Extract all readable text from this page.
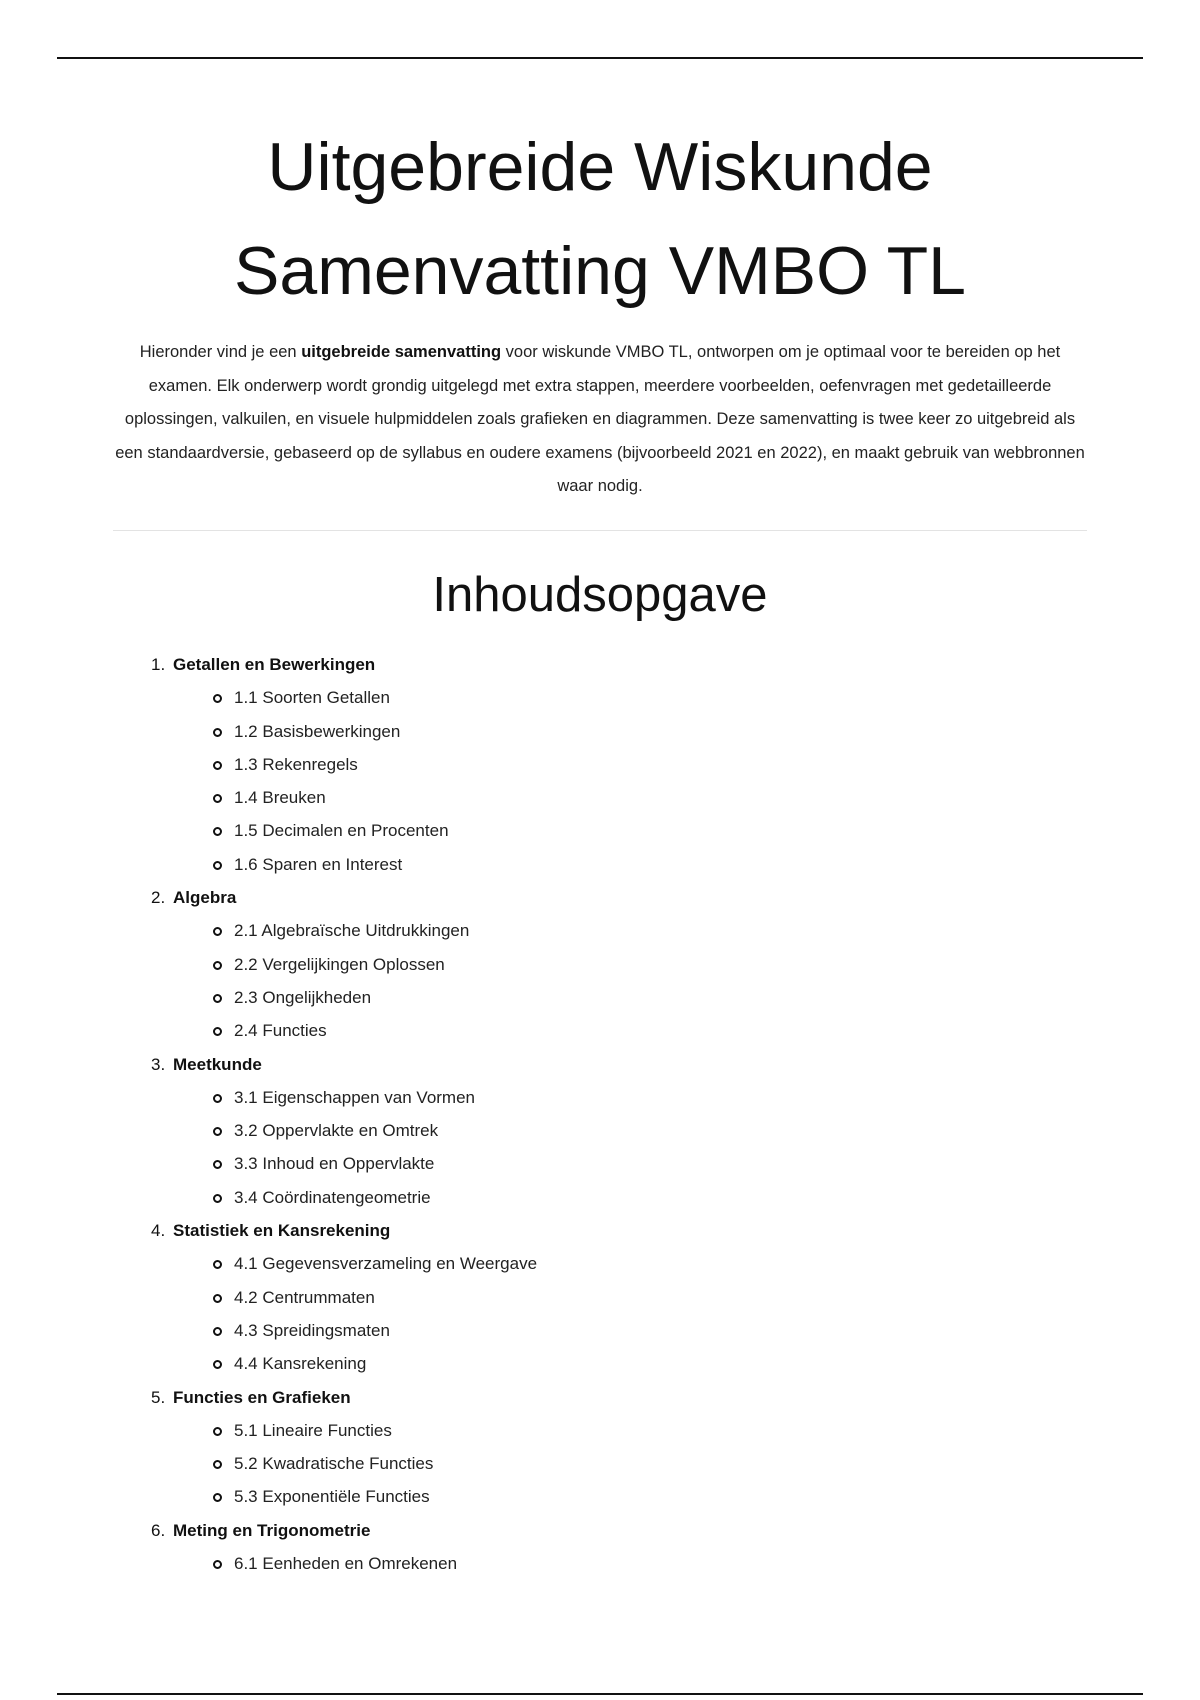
Uitgebreide Wiskunde
Samenvatting VMBO TL

Hieronder vind je een uitgebreide samenvatting voor wiskunde VMBO TL, ontworpen om je optimaal voor te bereiden op het examen. Elk onderwerp wordt grondig uitgelegd met extra stappen, meerdere voorbeelden, oefenvragen met gedetailleerde oplossingen, valkuilen, en visuele hulpmiddelen zoals grafieken en diagrammen. Deze samenvatting is twee keer zo uitgebreid als een standaardversie, gebaseerd op de syllabus en oudere examens (bijvoorbeeld 2021 en 2022), en maakt gebruik van webbronnen waar nodig.

Inhoudsopgave
1. Getallen en Bewerkingen
1.1 Soorten Getallen
1.2 Basisbewerkingen
1.3 Rekenregels
1.4 Breuken
1.5 Decimalen en Procenten
1.6 Sparen en Interest
2. Algebra
2.1 Algebraïsche Uitdrukkingen
2.2 Vergelijkingen Oplossen
2.3 Ongelijkheden
2.4 Functies
3. Meetkunde
3.1 Eigenschappen van Vormen
3.2 Oppervlakte en Omtrek
3.3 Inhoud en Oppervlakte
3.4 Coördinatengeometrie
4. Statistiek en Kansrekening
4.1 Gegevensverzameling en Weergave
4.2 Centrummaten
4.3 Spreidingsmaten
4.4 Kansrekening
5. Functies en Grafieken
5.1 Lineaire Functies
5.2 Kwadratische Functies
5.3 Exponentiële Functies
6. Meting en Trigonometrie
6.1 Eenheden en Omrekenen
